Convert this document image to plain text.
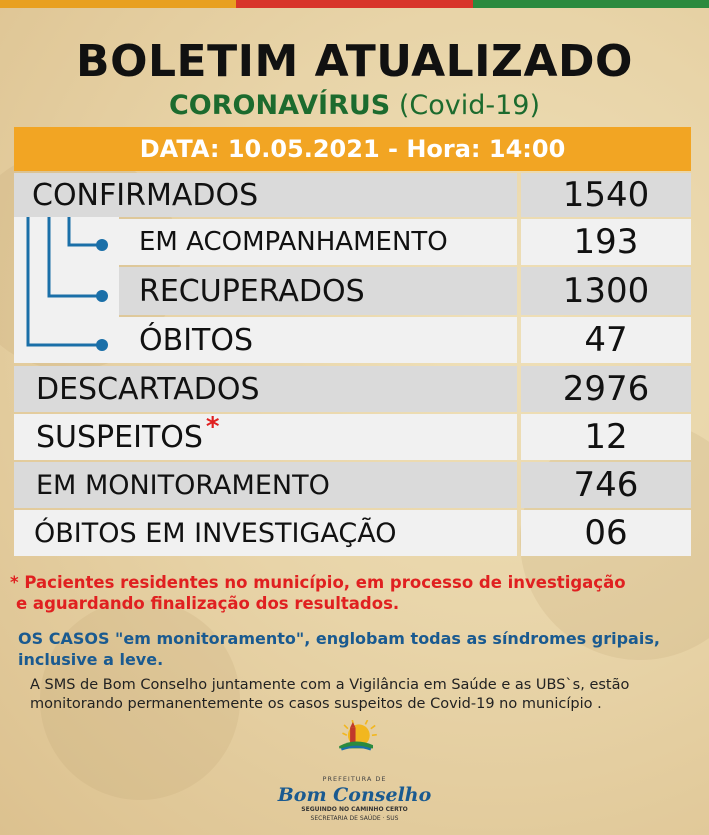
BOLETIM ATUALIZADO
CORONAVÍRUS (Covid-19)
DATA: 10.05.2021 - Hora: 14:00
CONFIRMADOS	1540
EM ACOMPANHAMENTO	193
RECUPERADOS	1300
ÓBITOS	47
DESCARTADOS	2976
SUSPEITOS *	12
EM MONITORAMENTO	746
ÓBITOS EM INVESTIGAÇÃO	06
* Pacientes residentes no município, em processo de investigação
e aguardando finalização dos resultados.
OS CASOS "em monitoramento", englobam todas as síndromes gripais,
inclusive a leve.
A SMS de Bom Conselho juntamente com a Vigilância em Saúde e as UBS`s, estão
monitorando permanentemente os casos suspeitos de Covid-19 no município .
PREFEITURA DE
Bom Conselho
SEGUINDO NO CAMINHO CERTO
SECRETARIA DE SAÚDE · SUS
